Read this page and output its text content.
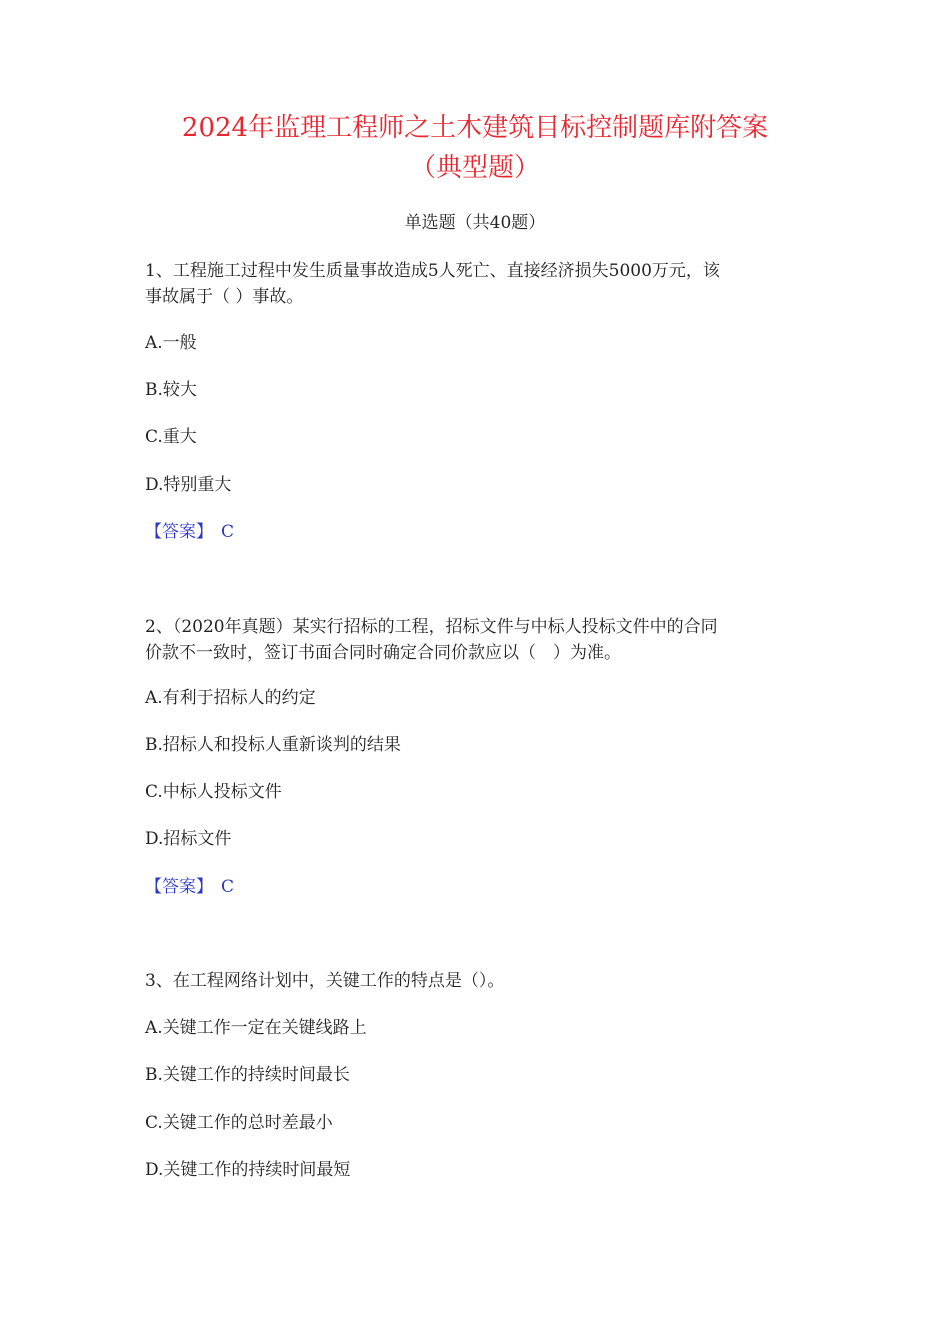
2024年监理工程师之土木建筑目标控制题库附答案
（典型题）
单选题（共40题）
1、工程施工过程中发生质量事故造成5人死亡、直接经济损失5000万元，该
事故属于（ ）事故。

A.一般

B.较大

C.重大

D.特别重大

【答案】 C

2、（2020年真题）某实行招标的工程，招标文件与中标人投标文件中的合同
价款不一致时，签订书面合同时确定合同价款应以（　）为准。

A.有利于招标人的约定

B.招标人和投标人重新谈判的结果

C.中标人投标文件

D.招标文件

【答案】 C

3、在工程网络计划中，关键工作的特点是（）。

A.关键工作一定在关键线路上

B.关键工作的持续时间最长

C.关键工作的总时差最小

D.关键工作的持续时间最短
